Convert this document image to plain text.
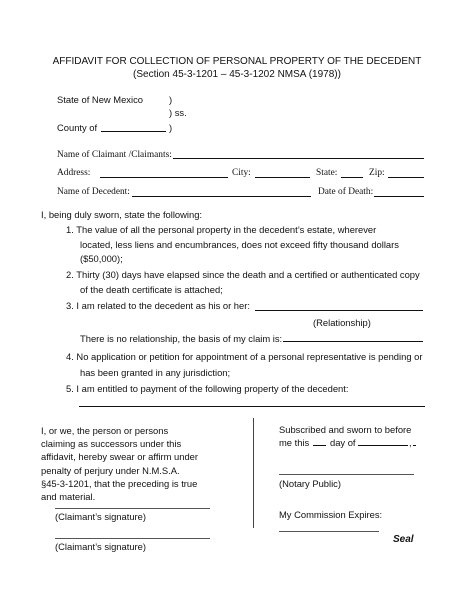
AFFIDAVIT FOR COLLECTION OF PERSONAL PROPERTY OF THE DECEDENT
(Section 45-3-1201 – 45-3-1202 NMSA (1978))
State of New Mexico	)
) ss.
County of	)
Name of Claimant /Claimants:
Address:	City:	State:	Zip:
Name of Decedent:	Date of Death:
I, being duly sworn, state the following:
1. The value of all the personal property in the decedent’s estate, wherever
located, less liens and encumbrances, does not exceed fifty thousand dollars
($50,000);
2. Thirty (30) days have elapsed since the death and a certified or authenticated copy
of the death certificate is attached;
3. I am related to the decedent as his or her:
(Relationship)
There is no relationship, the basis of my claim is:
4. No application or petition for appointment of a personal representative is pending or
has been granted in any jurisdiction;
5. I am entitled to payment of the following property of the decedent:
I, or we, the person or persons
claiming as successors under this
affidavit, hereby swear or affirm under
penalty of perjury under N.M.S.A.
§45-3-1201, that the preceding is true
and material.
(Claimant’s signature)
(Claimant’s signature)
Subscribed and sworn to before
me this day of	,
(Notary Public)
My Commission Expires:
Seal
